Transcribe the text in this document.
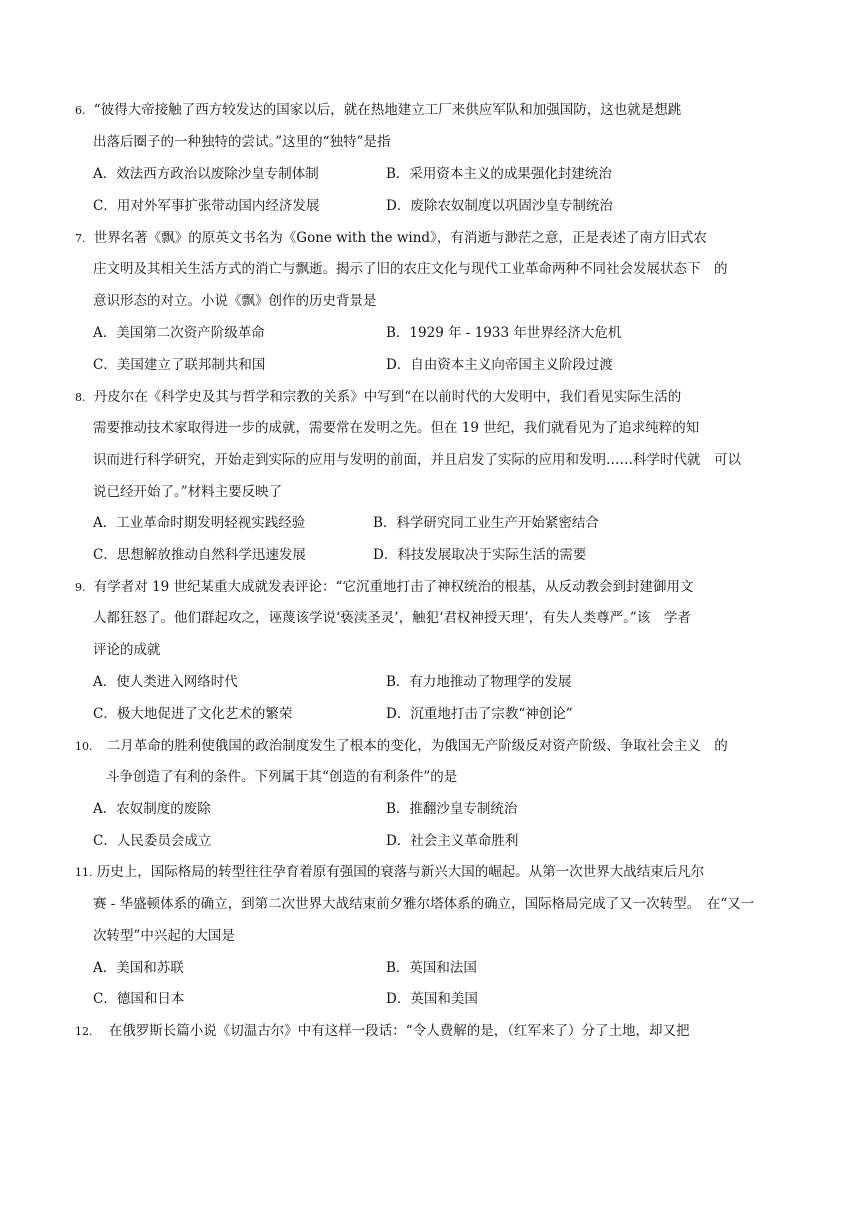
6. “彼得大帝接触了西方较发达的国家以后，就在热地建立工厂来供应军队和加强国防，这也就是想跳
出落后圈子的一种独特的尝试。”这里的“独特”是指
A．效法西方政治以废除沙皇专制体制	B．采用资本主义的成果强化封建统治
C．用对外军事扩张带动国内经济发展	D．废除农奴制度以巩固沙皇专制统治
7. 世界名著《飘》的原英文书名为《Gone with the wind》，有消逝与渺茫之意，正是表述了南方旧式农
庄文明及其相关生活方式的消亡与飘逝。揭示了旧的农庄文化与现代工业革命两种不同社会发展状态下　的
意识形态的对立。小说《飘》创作的历史背景是
A．美国第二次资产阶级革命	B．1929 年 - 1933 年世界经济大危机
C．美国建立了联邦制共和国	D．自由资本主义向帝国主义阶段过渡
8. 丹皮尔在《科学史及其与哲学和宗教的关系》中写到“在以前时代的大发明中，我们看见实际生活的
需要推动技术家取得进一步的成就，需要常在发明之先。但在 19 世纪，我们就看见为了追求纯粹的知
识而进行科学研究，开始走到实际的应用与发明的前面，并且启发了实际的应用和发明……科学时代就　可以
说已经开始了。”材料主要反映了
A．工业革命时期发明轻视实践经验	B．科学研究同工业生产开始紧密结合
C．思想解放推动自然科学迅速发展	D．科技发展取决于实际生活的需要
9. 有学者对 19 世纪某重大成就发表评论：“它沉重地打击了神权统治的根基，从反动教会到封建御用文
人都狂怒了。他们群起攻之，诬蔑该学说‘亵渎圣灵’，触犯‘君权神授天理’，有失人类尊严。”该　学者
评论的成就
A．使人类进入网络时代	B．有力地推动了物理学的发展
C．极大地促进了文化艺术的繁荣	D．沉重地打击了宗教“神创论”
10. 二月革命的胜利使俄国的政治制度发生了根本的变化，为俄国无产阶级反对资产阶级、争取社会主义　的
斗争创造了有利的条件。下列属于其“创造的有利条件”的是
A．农奴制度的废除	B．推翻沙皇专制统治
C．人民委员会成立	D．社会主义革命胜利
11. 历史上，国际格局的转型往往孕育着原有强国的衰落与新兴大国的崛起。从第一次世界大战结束后凡尔
赛 - 华盛顿体系的确立，到第二次世界大战结束前夕雅尔塔体系的确立，国际格局完成了又一次转型。　在“又一
次转型”中兴起的大国是
A．美国和苏联	B．英国和法国
C．德国和日本	D．英国和美国
12. 在俄罗斯长篇小说《切温古尔》中有这样一段话：“令人费解的是，（红军来了）分了土地，却又把
